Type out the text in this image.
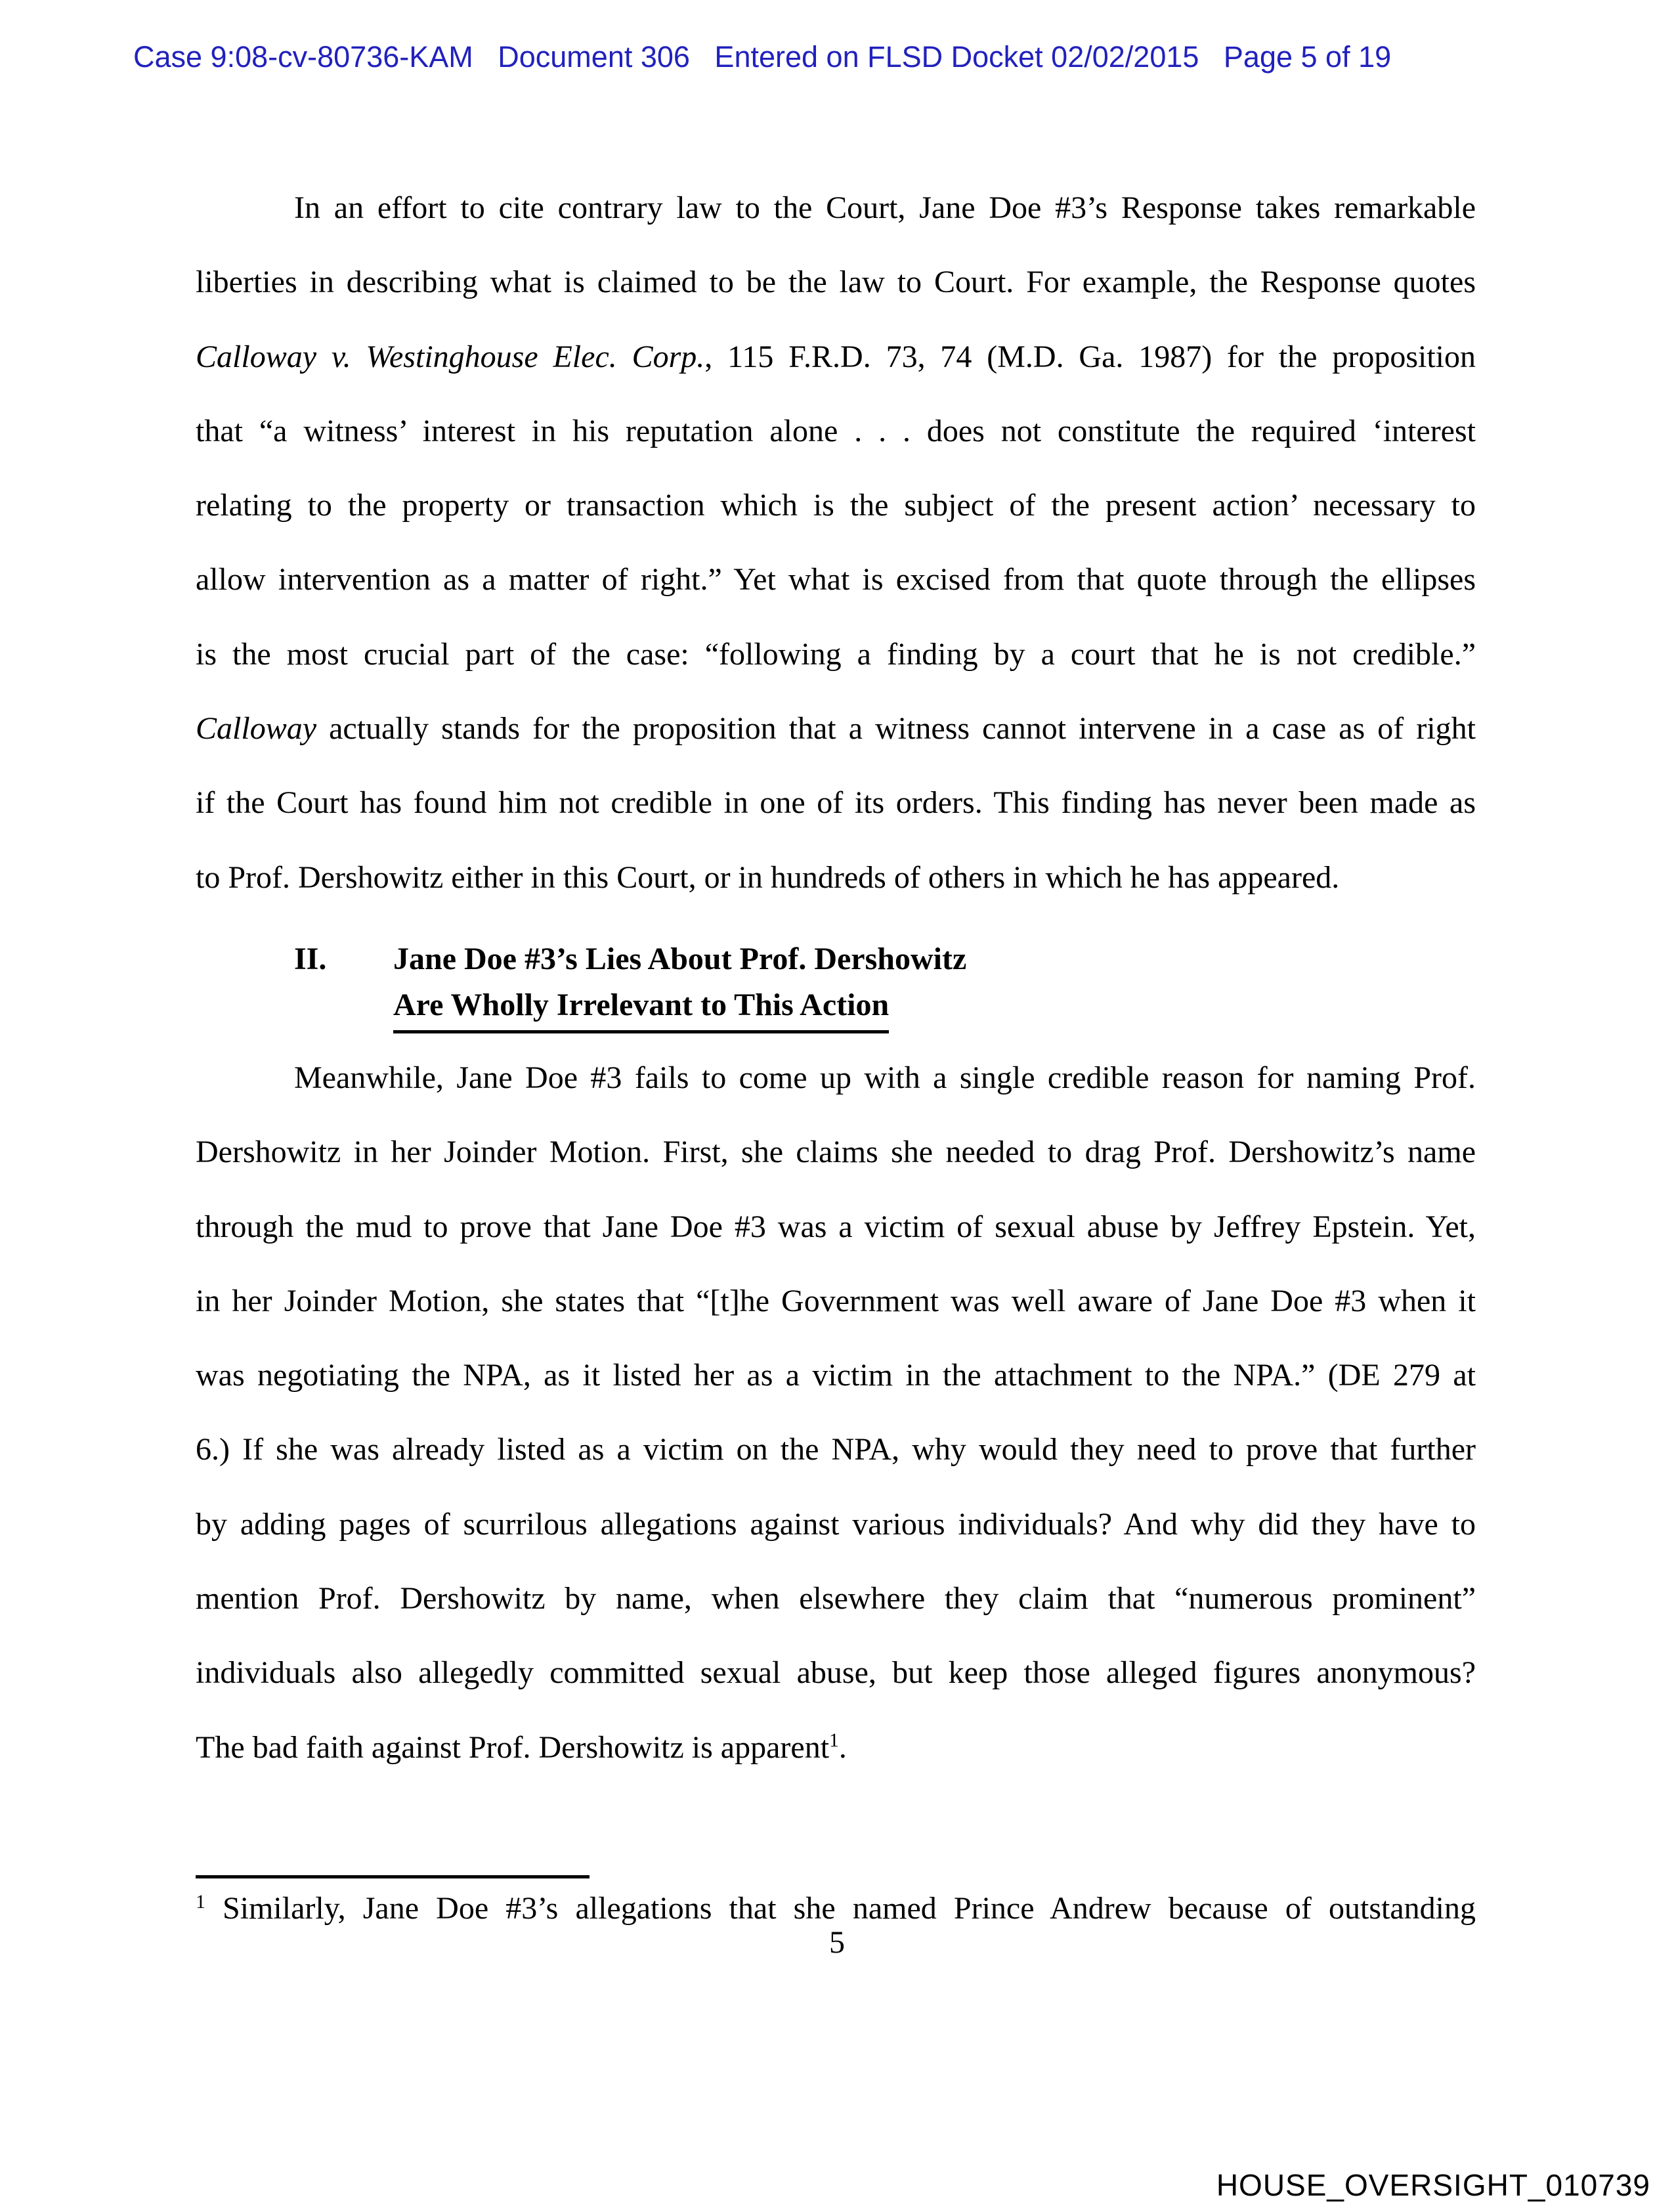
Case 9:08-cv-80736-KAM   Document 306   Entered on FLSD Docket 02/02/2015   Page 5 of 19
In an effort to cite contrary law to the Court, Jane Doe #3’s Response takes remarkable
liberties in describing what is claimed to be the law to Court. For example, the Response quotes
Calloway v. Westinghouse Elec. Corp., 115 F.R.D. 73, 74 (M.D. Ga. 1987) for the proposition
that “a witness’ interest in his reputation alone . . . does not constitute the required ‘interest
relating to the property or transaction which is the subject of the present action’ necessary to
allow intervention as a matter of right.” Yet what is excised from that quote through the ellipses
is the most crucial part of the case: “following a finding by a court that he is not credible.”
Calloway actually stands for the proposition that a witness cannot intervene in a case as of right
if the Court has found him not credible in one of its orders. This finding has never been made as
to Prof. Dershowitz either in this Court, or in hundreds of others in which he has appeared.
II. Jane Doe #3’s Lies About Prof. Dershowitz
Are Wholly Irrelevant to This Action
Meanwhile, Jane Doe #3 fails to come up with a single credible reason for naming Prof.
Dershowitz in her Joinder Motion. First, she claims she needed to drag Prof. Dershowitz’s name
through the mud to prove that Jane Doe #3 was a victim of sexual abuse by Jeffrey Epstein. Yet,
in her Joinder Motion, she states that “[t]he Government was well aware of Jane Doe #3 when it
was negotiating the NPA, as it listed her as a victim in the attachment to the NPA.” (DE 279 at
6.) If she was already listed as a victim on the NPA, why would they need to prove that further
by adding pages of scurrilous allegations against various individuals? And why did they have to
mention Prof. Dershowitz by name, when elsewhere they claim that “numerous prominent”
individuals also allegedly committed sexual abuse, but keep those alleged figures anonymous?
The bad faith against Prof. Dershowitz is apparent$^1$.
$^1$ Similarly, Jane Doe #3’s allegations that she named Prince Andrew because of outstanding
5
HOUSE_OVERSIGHT_010739
